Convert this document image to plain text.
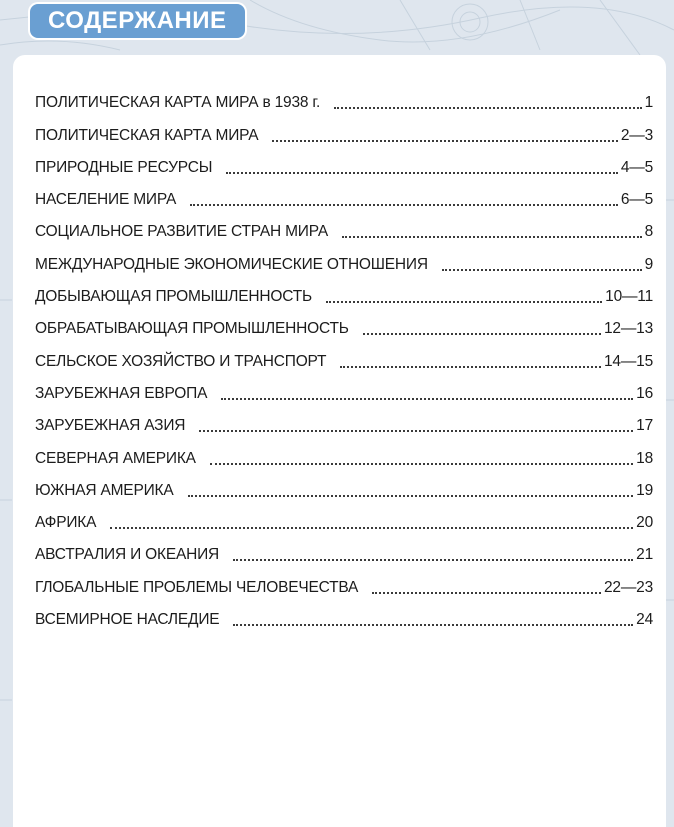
СОДЕРЖАНИЕ
ПОЛИТИЧЕСКАЯ КАРТА МИРА в 1938 г.	1
ПОЛИТИЧЕСКАЯ КАРТА МИРА	2—3
ПРИРОДНЫЕ РЕСУРСЫ	4—5
НАСЕЛЕНИЕ МИРА	6—5
СОЦИАЛЬНОЕ РАЗВИТИЕ СТРАН МИРА	8
МЕЖДУНАРОДНЫЕ ЭКОНОМИЧЕСКИЕ ОТНОШЕНИЯ	9
ДОБЫВАЮЩАЯ ПРОМЫШЛЕННОСТЬ	10—11
ОБРАБАТЫВАЮЩАЯ ПРОМЫШЛЕННОСТЬ	12—13
СЕЛЬСКОЕ ХОЗЯЙСТВО И ТРАНСПОРТ	14—15
ЗАРУБЕЖНАЯ ЕВРОПА	16
ЗАРУБЕЖНАЯ АЗИЯ	17
СЕВЕРНАЯ АМЕРИКА	18
ЮЖНАЯ АМЕРИКА	19
АФРИКА	20
АВСТРАЛИЯ И ОКЕАНИЯ	21
ГЛОБАЛЬНЫЕ ПРОБЛЕМЫ ЧЕЛОВЕЧЕСТВА	22—23
ВСЕМИРНОЕ НАСЛЕДИЕ	24
